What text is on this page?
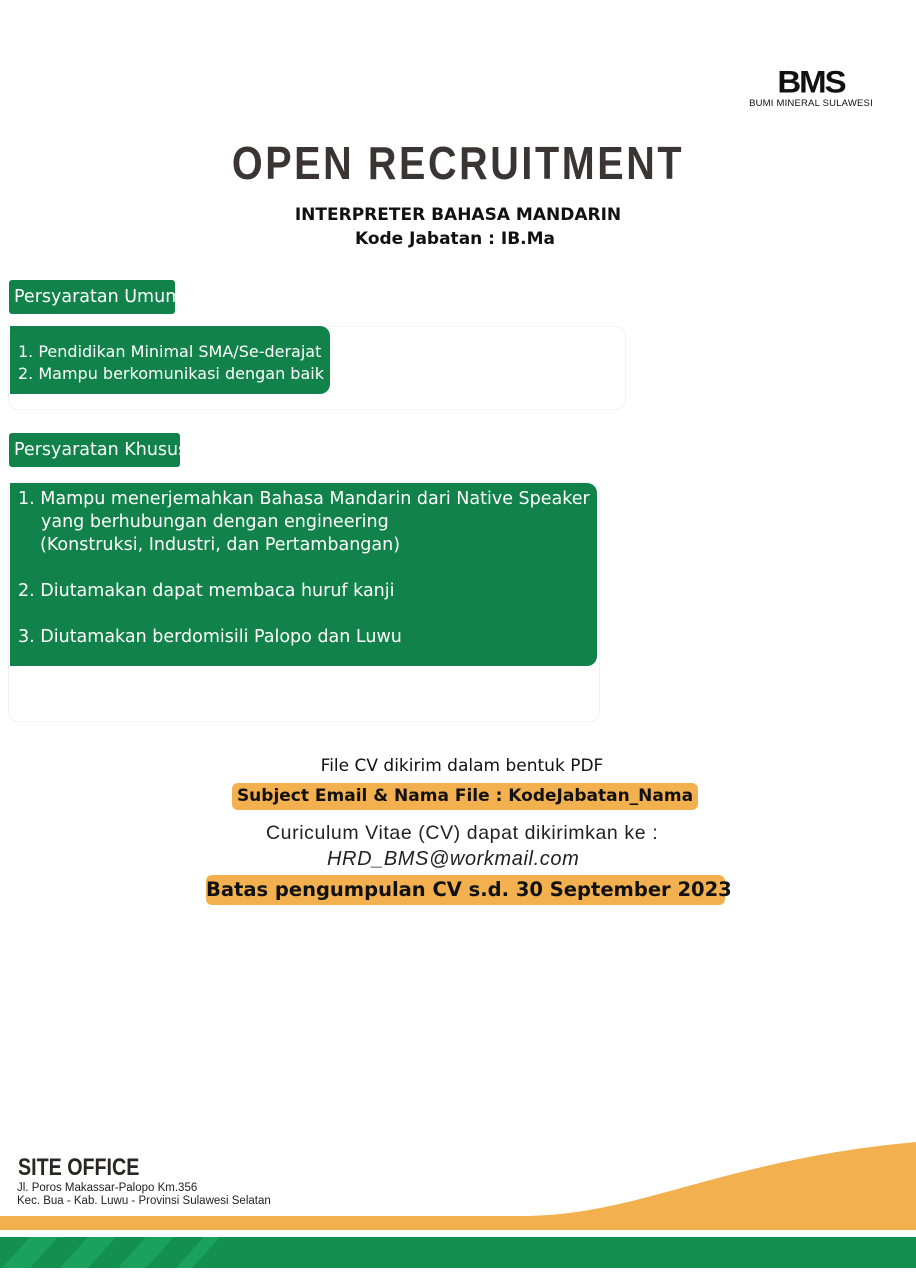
BMS
BUMI MINERAL SULAWESI
OPEN RECRUITMENT
INTERPRETER BAHASA MANDARIN
Kode Jabatan : IB.Ma
Persyaratan Umum
1. Pendidikan Minimal SMA/Se-derajat
2. Mampu berkomunikasi dengan baik
Persyaratan Khusus
1. Mampu menerjemahkan Bahasa Mandarin dari Native Speaker
yang berhubungan dengan engineering
(Konstruksi, Industri, dan Pertambangan)
2. Diutamakan dapat membaca huruf kanji
3. Diutamakan berdomisili Palopo dan Luwu
File CV dikirim dalam bentuk PDF
Subject Email & Nama File : KodeJabatan_Nama
Curiculum Vitae (CV) dapat dikirimkan ke :
HRD_BMS@workmail.com
Batas pengumpulan CV s.d. 30 September 2023
SITE OFFICE
Jl. Poros Makassar-Palopo Km.356
Kec. Bua - Kab. Luwu - Provinsi Sulawesi Selatan
